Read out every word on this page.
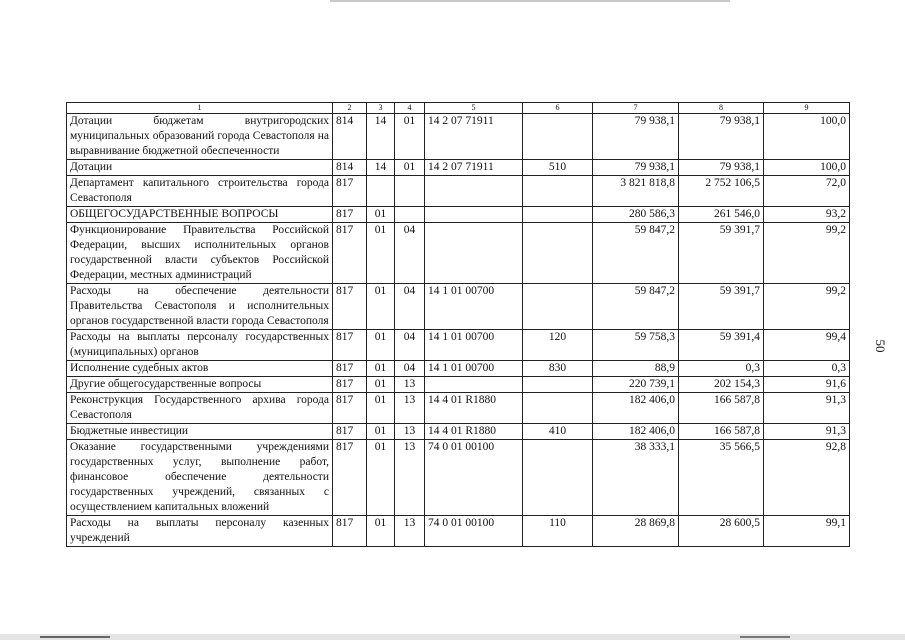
1	2	3	4	5	6	7	8	9
Дотации бюджетам внутригородских муниципальных образований города Севастополя на выравнивание бюджетной обеспеченности	814	14	01	14 2 07 71911		79 938,1	79 938,1	100,0
Дотации	814	14	01	14 2 07 71911	510	79 938,1	79 938,1	100,0
Департамент капитального строительства города Севастополя	817					3 821 818,8	2 752 106,5	72,0
ОБЩЕГОСУДАРСТВЕННЫЕ ВОПРОСЫ	817	01				280 586,3	261 546,0	93,2
Функционирование Правительства Российской Федерации, высших исполнительных органов государственной власти субъектов Российской Федерации, местных администраций	817	01	04			59 847,2	59 391,7	99,2
Расходы на обеспечение деятельности Правительства Севастополя и исполнительных органов государственной власти города Севастополя	817	01	04	14 1 01 00700		59 847,2	59 391,7	99,2
Расходы на выплаты персоналу государственных (муниципальных) органов	817	01	04	14 1 01 00700	120	59 758,3	59 391,4	99,4
Исполнение судебных актов	817	01	04	14 1 01 00700	830	88,9	0,3	0,3
Другие общегосударственные вопросы	817	01	13			220 739,1	202 154,3	91,6
Реконструкция Государственного архива города Севастополя	817	01	13	14 4 01 R1880		182 406,0	166 587,8	91,3
Бюджетные инвестиции	817	01	13	14 4 01 R1880	410	182 406,0	166 587,8	91,3
Оказание государственными учреждениями государственных услуг, выполнение работ, финансовое обеспечение деятельности государственных учреждений, связанных с осуществлением капитальных вложений	817	01	13	74 0 01 00100		38 333,1	35 566,5	92,8
Расходы на выплаты персоналу казенных учреждений	817	01	13	74 0 01 00100	110	28 869,8	28 600,5	99,1
50
